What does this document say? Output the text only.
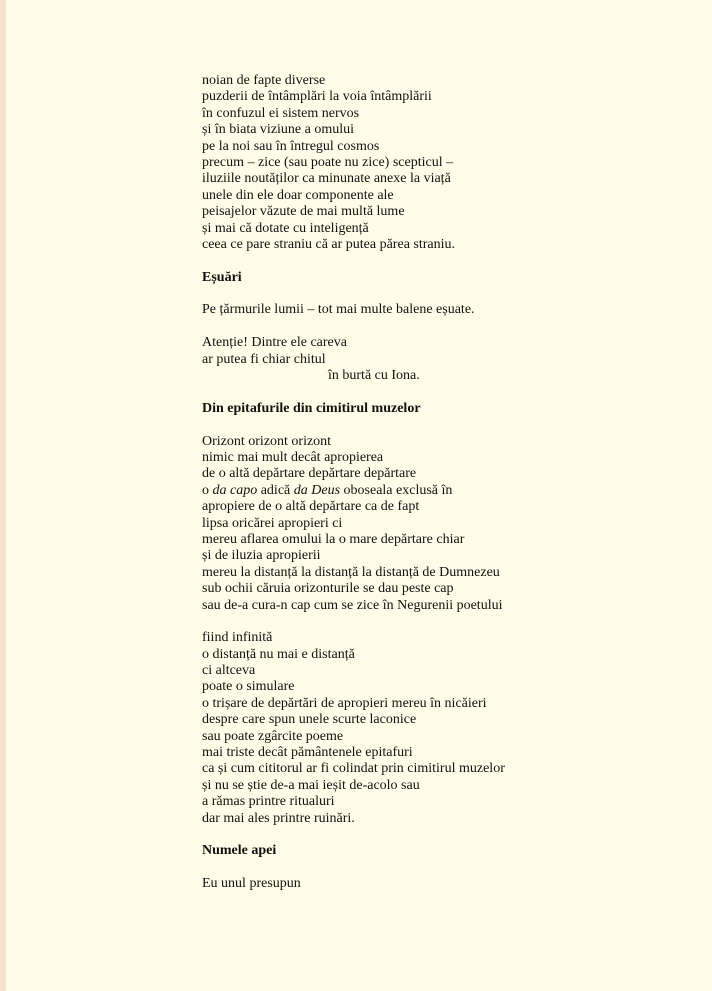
noian de fapte diverse
puzderii de întâmplări la voia întâmplării
în confuzul ei sistem nervos
și în biata viziune a omului
pe la noi sau în întregul cosmos
precum – zice (sau poate nu zice) scepticul –
iluziile noutăților ca minunate anexe la viață
unele din ele doar componente ale
peisajelor văzute de mai multă lume
și mai că dotate cu inteligență
ceea ce pare straniu că ar putea părea straniu.
Eșuări
Pe țărmurile lumii – tot mai multe balene eșuate.
Atenție! Dintre ele careva
ar putea fi chiar chitul
în burtă cu Iona.
Din epitafurile din cimitirul muzelor
Orizont orizont orizont
nimic mai mult decât apropierea
de o altă depărtare depărtare depărtare
o da capo adică da Deus oboseala exclusă în
apropiere de o altă depărtare ca de fapt
lipsa oricărei apropieri ci
mereu aflarea omului la o mare depărtare chiar
și de iluzia apropierii
mereu la distanță la distanță la distanță de Dumnezeu
sub ochii căruia orizonturile se dau peste cap
sau de-a cura-n cap cum se zice în Negurenii poetului
fiind infinită
o distanță nu mai e distanță
ci altceva
poate o simulare
o trișare de depărtări de apropieri mereu în nicăieri
despre care spun unele scurte laconice
sau poate zgârcite poeme
mai triste decât pământenele epitafuri
ca și cum cititorul ar fi colindat prin cimitirul muzelor
și nu se știe de-a mai ieșit de-acolo sau
a rămas printre ritualuri
dar mai ales printre ruinări.
Numele apei
Eu unul presupun
